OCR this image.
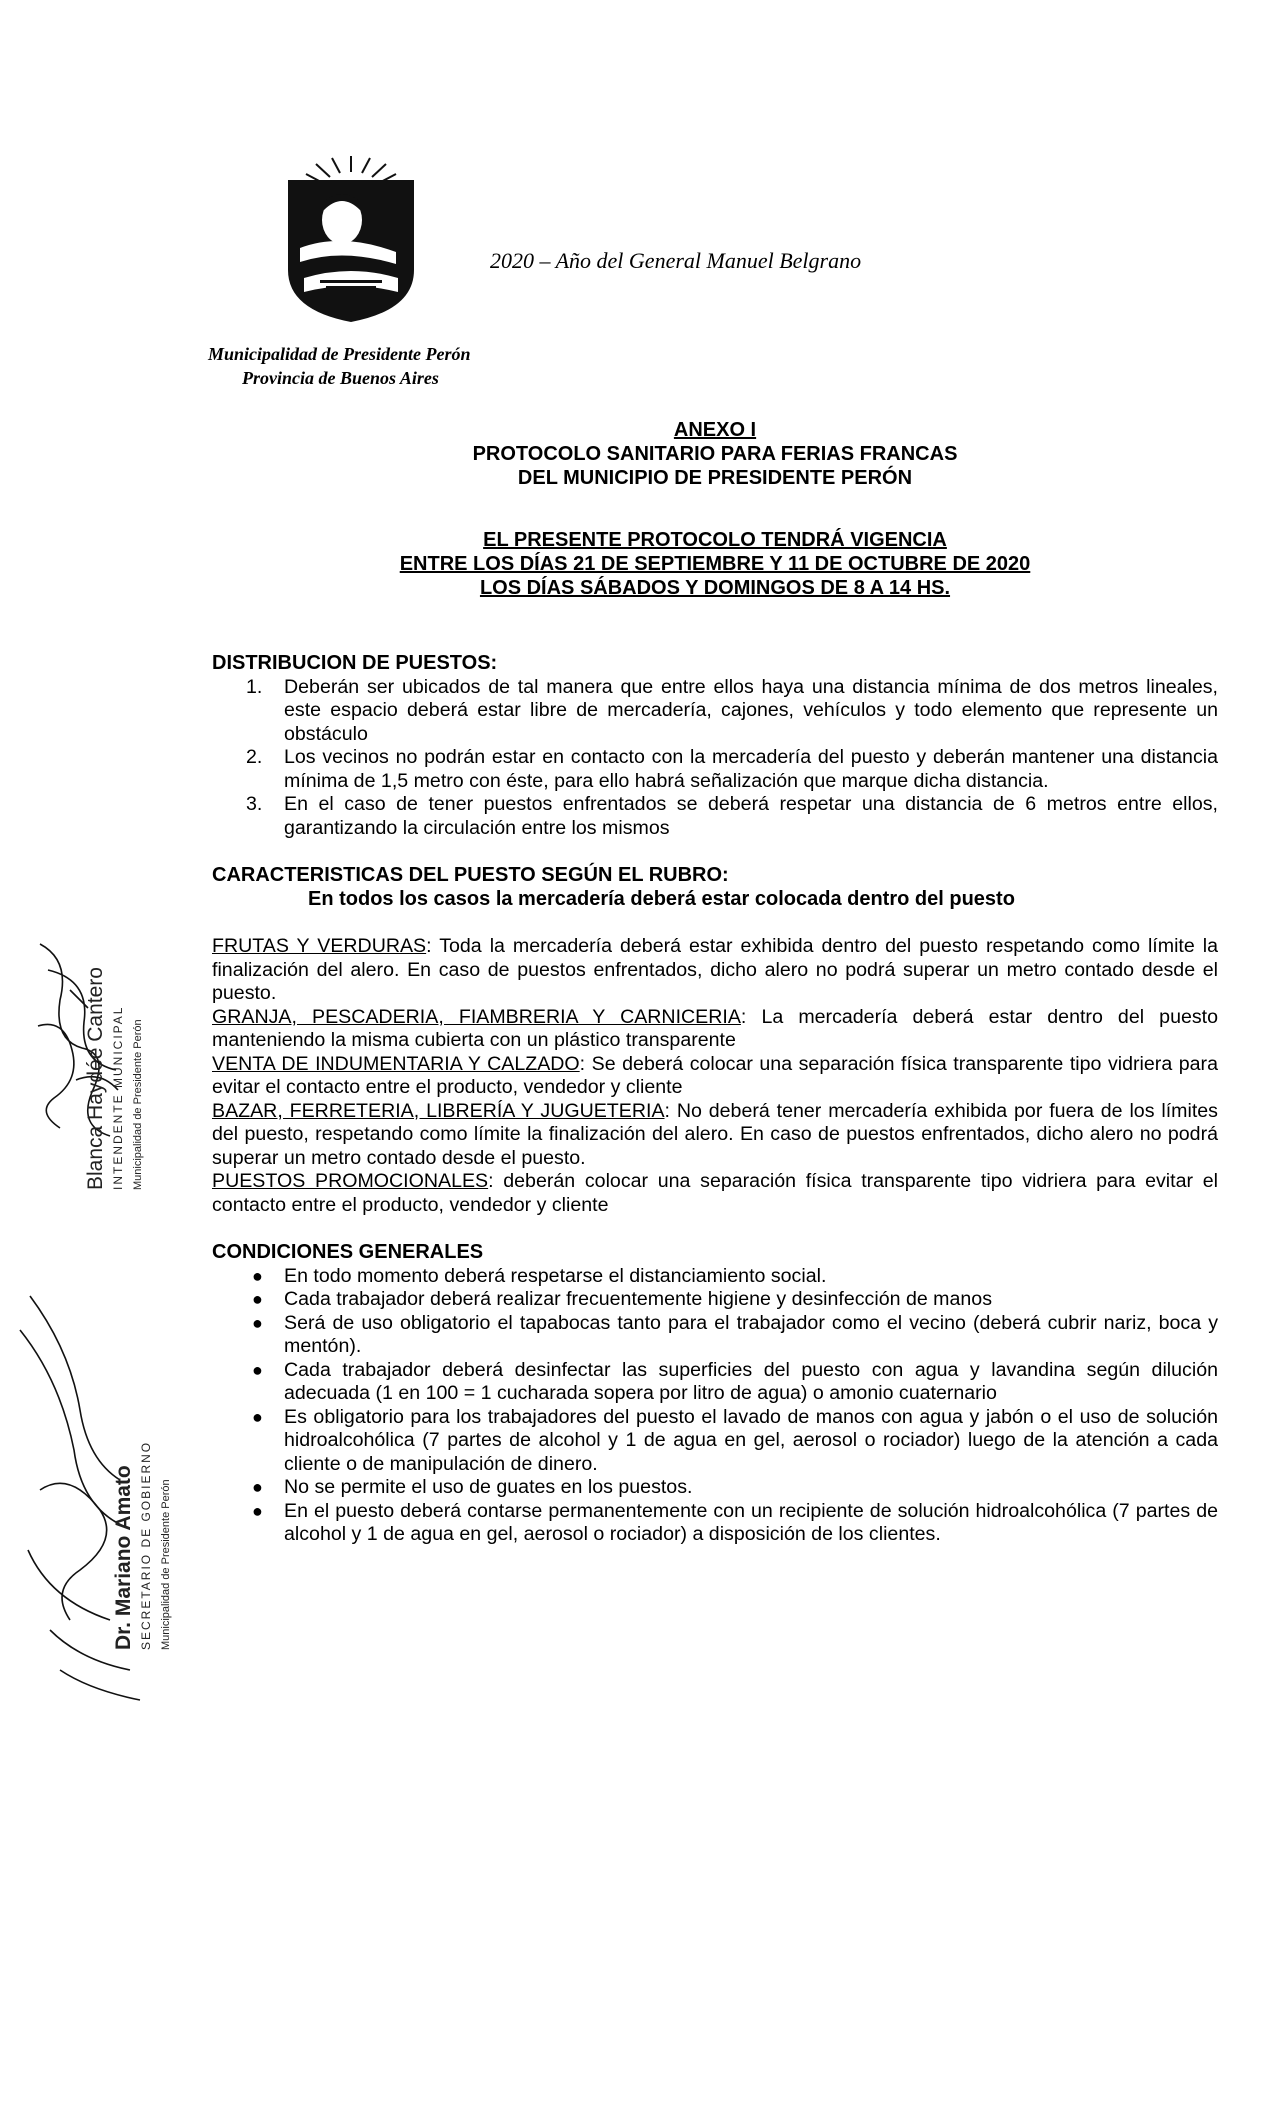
2020 – Año del General Manuel Belgrano
Municipalidad de Presidente Perón
Provincia de Buenos Aires
ANEXO I
PROTOCOLO SANITARIO PARA FERIAS FRANCAS
DEL MUNICIPIO DE PRESIDENTE PERÓN
EL PRESENTE PROTOCOLO TENDRÁ VIGENCIA
ENTRE LOS DÍAS 21 DE SEPTIEMBRE Y 11 DE OCTUBRE DE 2020
LOS DÍAS SÁBADOS Y DOMINGOS DE 8 A 14 HS.
DISTRIBUCION DE PUESTOS:
1. Deberán ser ubicados de tal manera que entre ellos haya una distancia mínima de dos metros lineales, este espacio deberá estar libre de mercadería, cajones, vehículos y todo elemento que represente un obstáculo
2. Los vecinos no podrán estar en contacto con la mercadería del puesto y deberán mantener una distancia mínima de 1,5 metro con éste, para ello habrá señalización que marque dicha distancia.
3. En el caso de tener puestos enfrentados se deberá respetar una distancia de 6 metros entre ellos, garantizando la circulación entre los mismos
CARACTERISTICAS DEL PUESTO SEGÚN EL RUBRO:
En todos los casos la mercadería deberá estar colocada dentro del puesto
FRUTAS Y VERDURAS: Toda la mercadería deberá estar exhibida dentro del puesto respetando como límite la finalización del alero. En caso de puestos enfrentados, dicho alero no podrá superar un metro contado desde el puesto.
GRANJA, PESCADERIA, FIAMBRERIA Y CARNICERIA: La mercadería deberá estar dentro del puesto manteniendo la misma cubierta con un plástico transparente
VENTA DE INDUMENTARIA Y CALZADO: Se deberá colocar una separación física transparente tipo vidriera para evitar el contacto entre el producto, vendedor y cliente
BAZAR, FERRETERIA, LIBRERÍA Y JUGUETERIA: No deberá tener mercadería exhibida por fuera de los límites del puesto, respetando como límite la finalización del alero. En caso de puestos enfrentados, dicho alero no podrá superar un metro contado desde el puesto.
PUESTOS PROMOCIONALES: deberán colocar una separación física transparente tipo vidriera para evitar el contacto entre el producto, vendedor y cliente
CONDICIONES GENERALES
● En todo momento deberá respetarse el distanciamiento social.
● Cada trabajador deberá realizar frecuentemente higiene y desinfección de manos
● Será de uso obligatorio el tapabocas tanto para el trabajador como el vecino (deberá cubrir nariz, boca y mentón).
● Cada trabajador deberá desinfectar las superficies del puesto con agua y lavandina según dilución adecuada (1 en 100 = 1 cucharada sopera por litro de agua) o amonio cuaternario
● Es obligatorio para los trabajadores del puesto el lavado de manos con agua y jabón o el uso de solución hidroalcohólica (7 partes de alcohol y 1 de agua en gel, aerosol o rociador) luego de la atención a cada cliente o de manipulación de dinero.
● No se permite el uso de guates en los puestos.
● En el puesto deberá contarse permanentemente con un recipiente de solución hidroalcohólica (7 partes de alcohol y 1 de agua en gel, aerosol o rociador) a disposición de los clientes.
Blanca Haydée Cantero INTENDENTE MUNICIPAL Municipalidad de Presidente Perón
Dr. Mariano Amato SECRETARIO DE GOBIERNO Municipalidad de Presidente Perón
